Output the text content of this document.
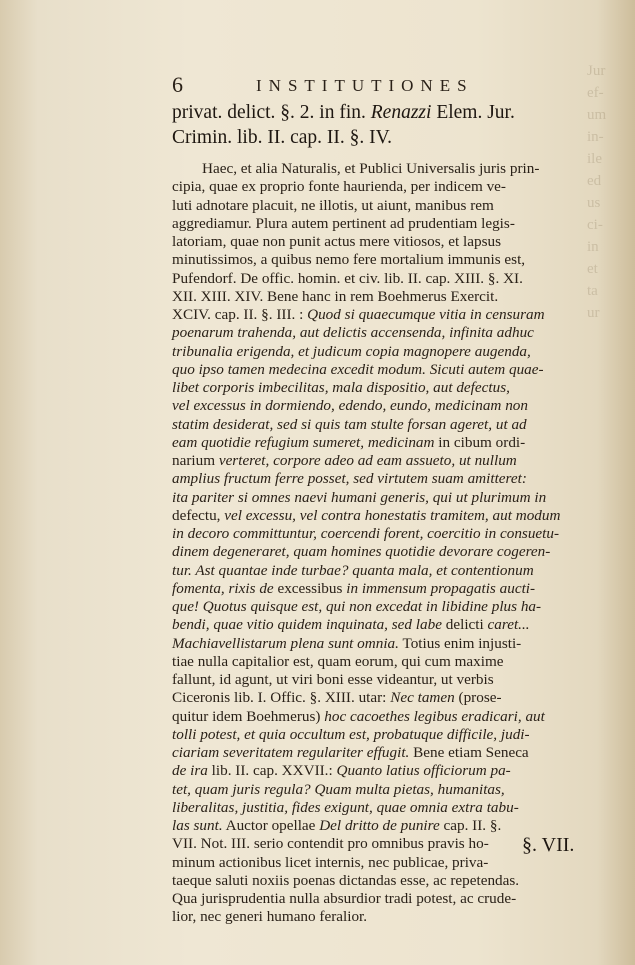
Jur
ef-
um
in-
ile
ed
us
ci-
in
et
ta
ur
6	INSTITUTIONES
privat. delict. §. 2. in fin. Renazzi Elem. Jur.
Crimin. lib. II. cap. II. §. IV.
Haec, et alia Naturalis, et Publici Universalis juris prin-
cipia, quae ex proprio fonte haurienda, per indicem ve-
luti adnotare placuit, ne illotis, ut aiunt, manibus rem
aggrediamur. Plura autem pertinent ad prudentiam legis-
latoriam, quae non punit actus mere vitiosos, et lapsus
minutissimos, a quibus nemo fere mortalium immunis est,
Pufendorf. De offic. homin. et civ. lib. II. cap. XIII. §. XI.
XII. XIII. XIV. Bene hanc in rem Boehmerus Exercit.
XCIV. cap. II. §. III. : Quod si quaecumque vitia in censuram
poenarum trahenda, aut delictis accensenda, infinita adhuc
tribunalia erigenda, et judicum copia magnopere augenda,
quo ipso tamen medecina excedit modum. Sicuti autem quae-
libet corporis imbecilitas, mala dispositio, aut defectus,
vel excessus in dormiendo, edendo, eundo, medicinam non
statim desiderat, sed si quis tam stulte forsan ageret, ut ad
eam quotidie refugium sumeret, medicinam in cibum ordi-
narium verteret, corpore adeo ad eam assueto, ut nullum
amplius fructum ferre posset, sed virtutem suam amitteret:
ita pariter si omnes naevi humani generis, qui ut plurimum in
defectu, vel excessu, vel contra honestatis tramitem, aut modum
in decoro committuntur, coercendi forent, coercitio in consuetu-
dinem degeneraret, quam homines quotidie devorare cogeren-
tur. Ast quantae inde turbae? quanta mala, et contentionum
fomenta, rixis de excessibus in immensum propagatis aucti-
que! Quotus quisque est, qui non excedat in libidine plus ha-
bendi, quae vitio quidem inquinata, sed labe delicti caret...
Machiavellistarum plena sunt omnia. Totius enim injusti-
tiae nulla capitalior est, quam eorum, qui cum maxime
fallunt, id agunt, ut viri boni esse videantur, ut verbis
Ciceronis lib. I. Offic. §. XIII. utar: Nec tamen (prose-
quitur idem Boehmerus) hoc cacoethes legibus eradicari, aut
tolli potest, et quia occultum est, probatuque difficile, judi-
ciariam severitatem regulariter effugit. Bene etiam Seneca
de ira lib. II. cap. XXVII.: Quanto latius officiorum pa-
tet, quam juris regula? Quam multa pietas, humanitas,
liberalitas, justitia, fides exigunt, quae omnia extra tabu-
las sunt. Auctor opellae Del dritto de punire cap. II. §.
VII. Not. III. serio contendit pro omnibus pravis ho-
minum actionibus licet internis, nec publicae, priva-
taeque saluti noxiis poenas dictandas esse, ac repetendas.
Qua jurisprudentia nulla absurdior tradi potest, ac crude-
lior, nec generi humano feralior.
§. VII.
